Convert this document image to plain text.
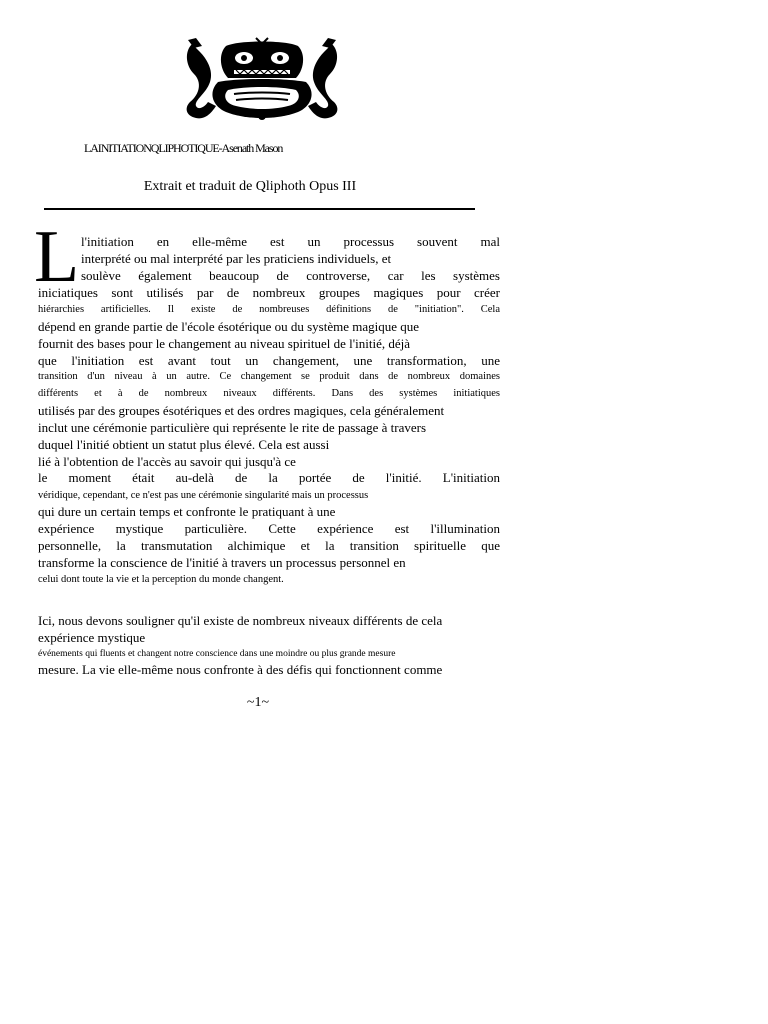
LAINITIATIONQLIPHOTIQUE-Asenath Mason
Extrait et traduit de Qliphoth Opus III
L l'initiation en elle-même est un processus souvent mal

interprété ou mal interprété par les praticiens individuels, et

soulève également beaucoup de controverse, car les systèmes

iniciatiques sont utilisés par de nombreux groupes magiques pour créer

hiérarchies artificielles. Il existe de nombreuses définitions de "initiation". Cela

dépend en grande partie de l'école ésotérique ou du système magique que

fournit des bases pour le changement au niveau spirituel de l'initié, déjà

que l'initiation est avant tout un changement, une transformation, une

transition d'un niveau à un autre. Ce changement se produit dans de nombreux domaines

différents et à de nombreux niveaux différents. Dans des systèmes initiatiques

utilisés par des groupes ésotériques et des ordres magiques, cela généralement

inclut une cérémonie particulière qui représente le rite de passage à travers

duquel l'initié obtient un statut plus élevé. Cela est aussi

lié à l'obtention de l'accès au savoir qui jusqu'à ce

le moment était au-delà de la portée de l'initié. L'initiation

véridique, cependant, ce n'est pas une cérémonie singularité mais un processus

qui dure un certain temps et confronte le pratiquant à une

expérience mystique particulière. Cette expérience est l'illumination

personnelle, la transmutation alchimique et la transition spirituelle que

transforme la conscience de l'initié à travers un processus personnel en

celui dont toute la vie et la perception du monde changent.

Ici, nous devons souligner qu'il existe de nombreux niveaux différents de cela

expérience mystique

événements qui fluents et changent notre conscience dans une moindre ou plus grande mesure

mesure. La vie elle-même nous confronte à des défis qui fonctionnent comme

~1~
